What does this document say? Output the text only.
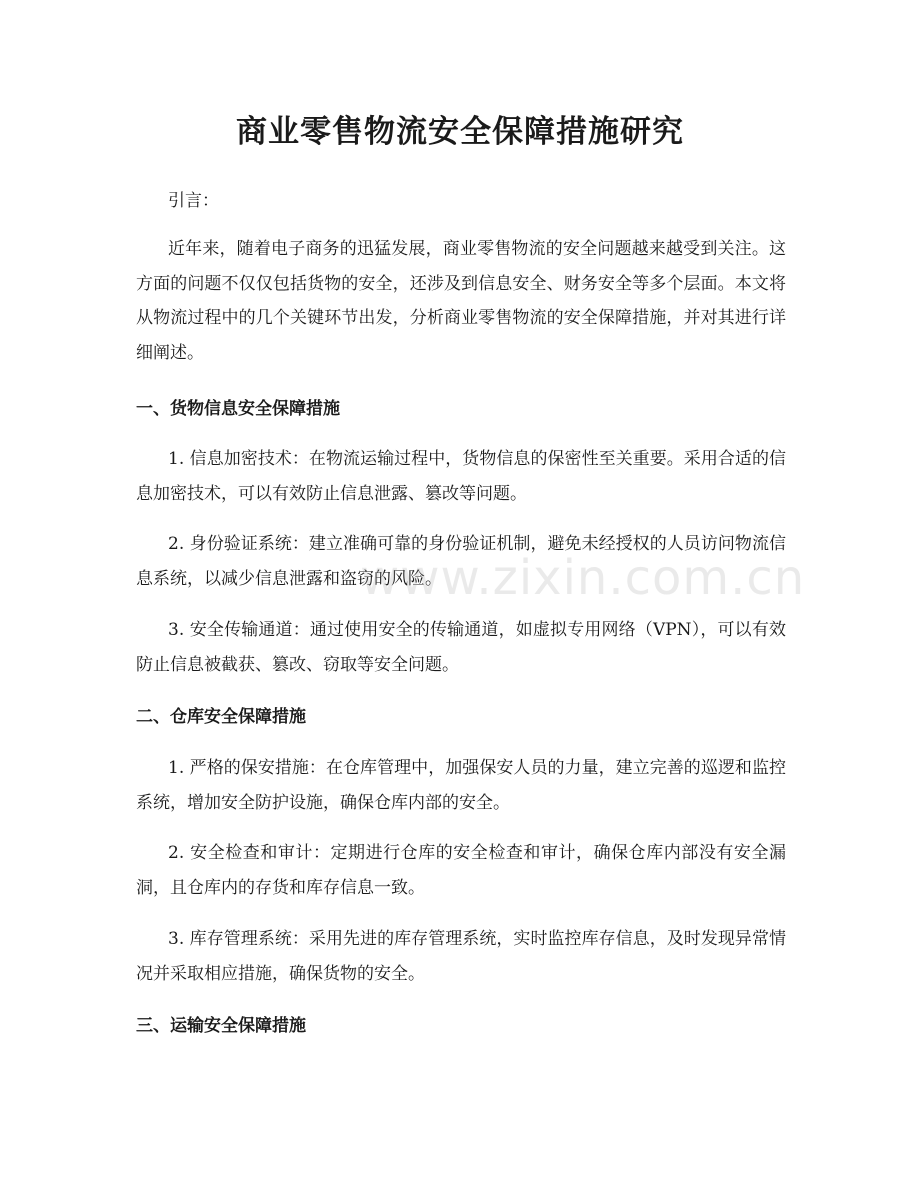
商业零售物流安全保障措施研究

引言：

近年来，随着电子商务的迅猛发展，商业零售物流的安全问题越来越受到关注。这方面的问题不仅仅包括货物的安全，还涉及到信息安全、财务安全等多个层面。本文将从物流过程中的几个关键环节出发，分析商业零售物流的安全保障措施，并对其进行详细阐述。

一、货物信息安全保障措施

1. 信息加密技术：在物流运输过程中，货物信息的保密性至关重要。采用合适的信息加密技术，可以有效防止信息泄露、篡改等问题。

2. 身份验证系统：建立准确可靠的身份验证机制，避免未经授权的人员访问物流信息系统，以减少信息泄露和盗窃的风险。

3. 安全传输通道：通过使用安全的传输通道，如虚拟专用网络（VPN），可以有效防止信息被截获、篡改、窃取等安全问题。

二、仓库安全保障措施

1. 严格的保安措施：在仓库管理中，加强保安人员的力量，建立完善的巡逻和监控系统，增加安全防护设施，确保仓库内部的安全。

2. 安全检查和审计：定期进行仓库的安全检查和审计，确保仓库内部没有安全漏洞，且仓库内的存货和库存信息一致。

3. 库存管理系统：采用先进的库存管理系统，实时监控库存信息，及时发现异常情况并采取相应措施，确保货物的安全。

三、运输安全保障措施
www.zixin.com.cn
